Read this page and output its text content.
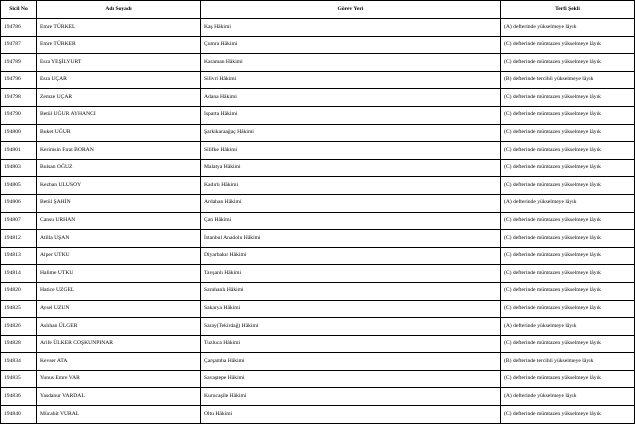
Sicil No	Adı Soyadı	Görev Yeri	Terfi Şekli
194786	Emre TÜRKEL	Kaş Hâkimi	(A) defterinde yükselmeye lâyık
194787	Emre TÜRKER	Çumra Hâkimi	(C) defterinde mümtazen yükselmeye lâyık
194789	Esra YEŞİLYURT	Karaman Hâkimi	(C) defterinde mümtazen yükselmeye lâyık
194796	Esra UÇAR	Silivri Hâkimi	(B) defterinde tercihli yükselmeye lâyık
194798	Zemze UÇAR	Adana Hâkimi	(C) defterinde mümtazen yükselmeye lâyık
194790	Betül UĞUR AYHANCI	Isparta Hâkimi	(C) defterinde mümtazen yükselmeye lâyık
194800	Buket UĞUR	Şarkikaraağaç Hâkimi	(C) defterinde mümtazen yükselmeye lâyık
194801	Kerimsin Fırat BORAN	Silifke Hâkimi	(C) defterinde mümtazen yükselmeye lâyık
194803	Bulsan OĞUZ	Malatya Hâkimi	(C) defterinde mümtazen yükselmeye lâyık
194805	Kezban ULUSOY	Kadırlı Hâkimi	(C) defterinde mümtazen yükselmeye lâyık
194806	Betül ŞAHİN	Ardahan Hâkimi	(A) defterinde yükselmeye lâyık
194807	Cansu URHAN	Çan Hâkimi	(C) defterinde mümtazen yükselmeye lâyık
194812	Atilla UŞAN	İstanbul Anadolu Hâkimi	(C) defterinde mümtazen yükselmeye lâyık
194813	Alper UTKU	Diyarbakır Hâkimi	(C) defterinde mümtazen yükselmeye lâyık
194814	Halime UTKU	Tavşanlı Hâkimi	(C) defterinde mümtazen yükselmeye lâyık
194820	Hatice UZGEL	Saruhanlı Hâkimi	(C) defterinde mümtazen yükselmeye lâyık
194825	Aysel UZUN	Sakarya Hâkimi	(C) defterinde mümtazen yükselmeye lâyık
194826	Aslıhan ÜLGER	Saray(Tekirdağ) Hâkimi	(A) defterinde yükselmeye lâyık
194828	Arife ÜLKER COŞKUNPINAR	Tuzluca Hâkimi	(C) defterinde mümtazen yükselmeye lâyık
194834	Kevser ATA	Çarşamba Hâkimi	(B) defterinde tercihli yükselmeye lâyık
194835	Yunus Emre VAR	Savaştepe Hâkimi	(C) defterinde mümtazen yükselmeye lâyık
194836	Yasdanur VARDAL	Kurucaşile Hâkimi	(A) defterinde yükselmeye lâyık
194840	Mücahit VURAL	Oltu Hâkimi	(C) defterinde mümtazen yükselmeye lâyık
